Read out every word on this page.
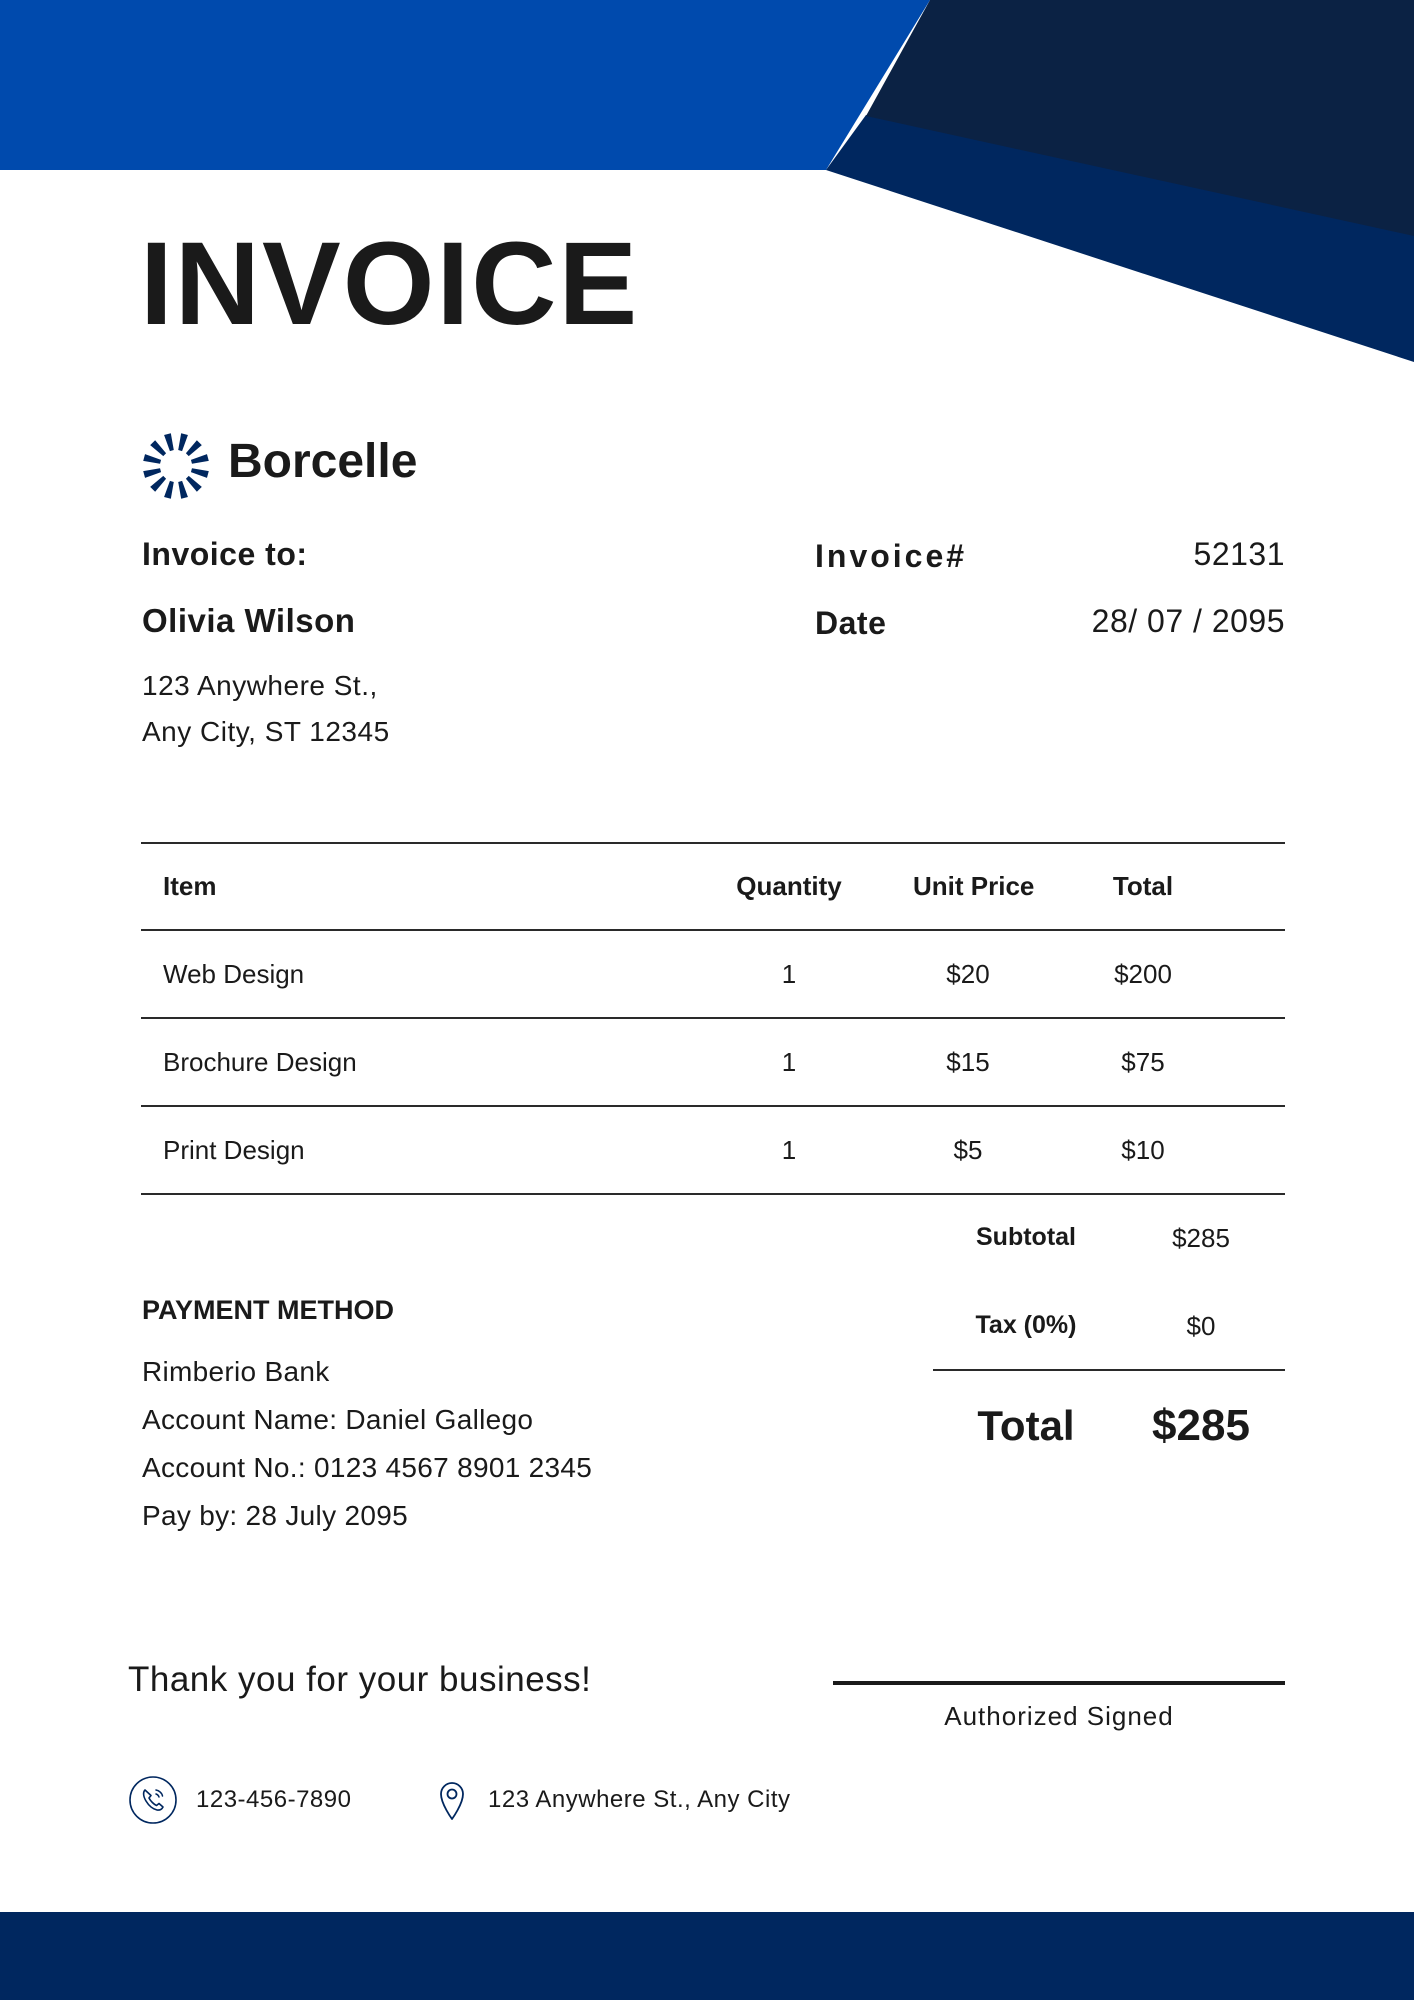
INVOICE
Borcelle
Invoice to:
Olivia Wilson
123 Anywhere St.,
Any City, ST 12345
Invoice#	52131
Date	28/ 07 / 2095
Item	Quantity	Unit Price	Total
Web Design	1	$20	$200
Brochure Design	1	$15	$75
Print Design	1	$5	$10
Subtotal	$285
Tax (0%)	$0
Total	$285
PAYMENT METHOD
Rimberio Bank
Account Name: Daniel Gallego
Account No.: 0123 4567 8901 2345
Pay by: 28 July 2095
Thank you for your business!
Authorized Signed
123-456-7890	123 Anywhere St., Any City
